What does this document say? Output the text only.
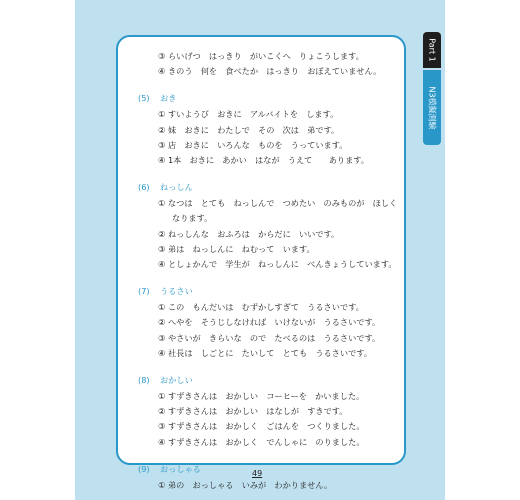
③ らいげつ　はっきり　がいこくへ　りょこうします。
④ きのう　何を　食べたか　はっきり　おぼえていません。
(5) おき
① すいようび　おきに　アルバイトを　します。
② 妹　おきに　わたしで　その　次は　弟です。
③ 店　おきに　いろんな　ものを　うっています。
④ 1本　おきに　あかい　はなが　うえて　　あります。
(6) ねっしん
① なつは　とても　ねっしんで　つめたい　のみものが　ほしく
なります。
② ねっしんな　おふろは　からだに　いいです。
③ 弟は　ねっしんに　ねむって　います。
④ としょかんで　学生が　ねっしんに　べんきょうしています。
(7) うるさい
① この　もんだいは　むずかしすぎて　うるさいです。
② へやを　そうじしなければ　いけないが　うるさいです。
③ やさいが　きらいな　ので　たべるのは　うるさいです。
④ 社長は　しごとに　たいして　とても　うるさいです。
(8) おかしい
① すずきさんは　おかしい　コーヒーを　かいました。
② すずきさんは　おかしい　はなしが　すきです。
③ すずきさんは　おかしく　ごはんを　つくりました。
④ すずきさんは　おかしく　でんしゃに　のりました。
(9) おっしゃる
① 弟の　おっしゃる　いみが　わかりません。
Part 1
N3模擬測験
49
